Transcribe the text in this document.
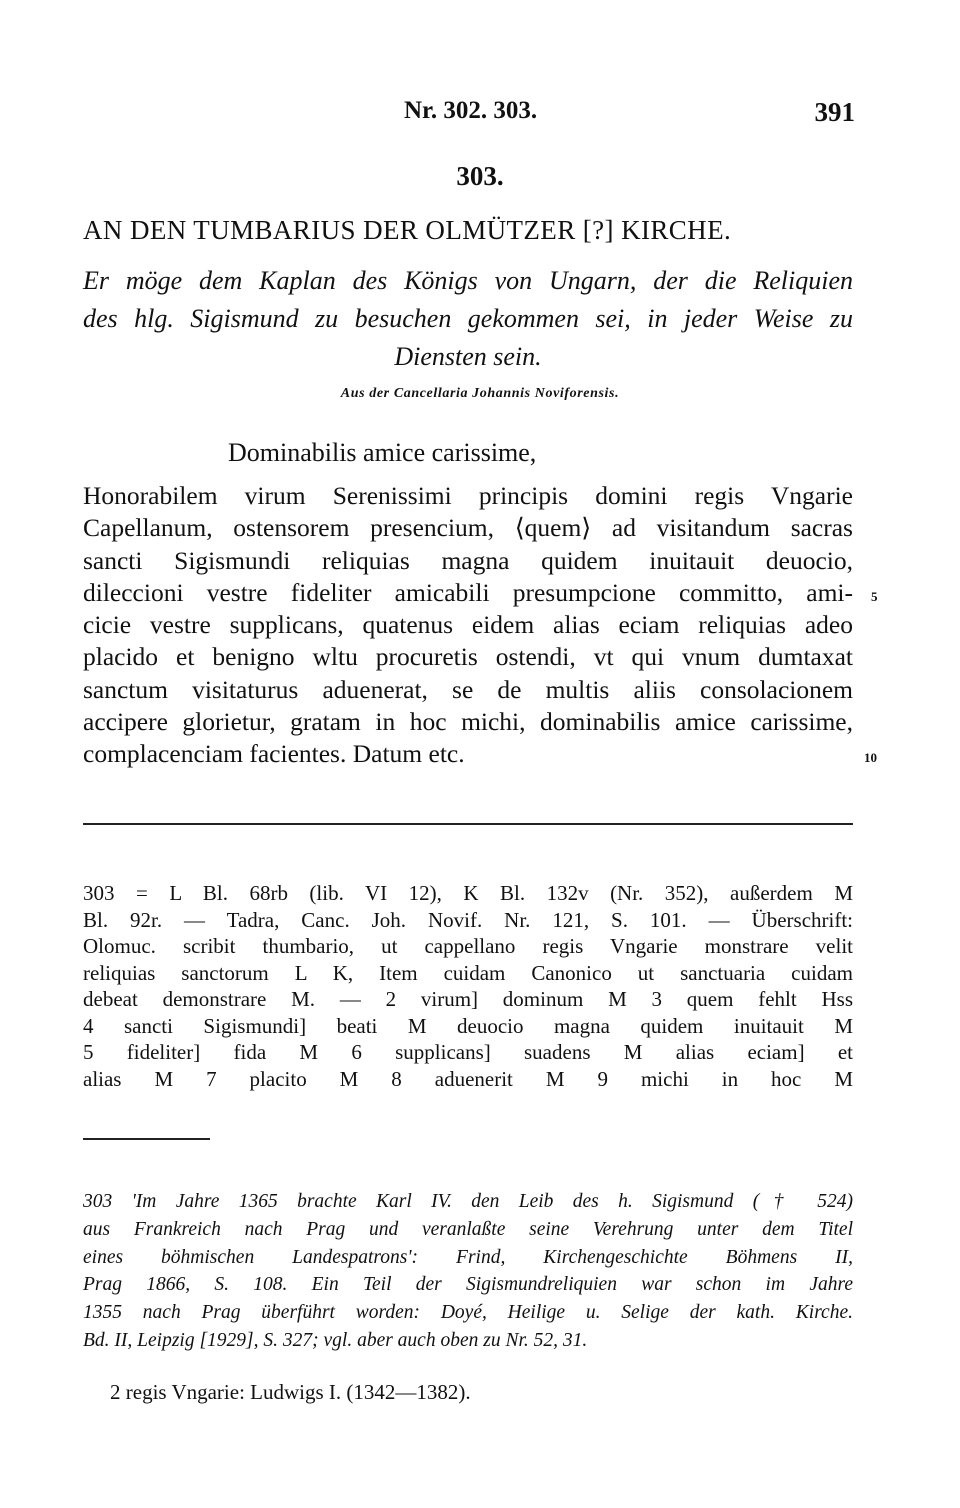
Nr. 302. 303.	391
303.
AN DEN TUMBARIUS DER OLMÜTZER [?] KIRCHE.
Er möge dem Kaplan des Königs von Ungarn, der die Reliquien
des hlg. Sigismund zu besuchen gekommen sei, in jeder Weise zu
Diensten sein.
Aus der Cancellaria Johannis Noviforensis.
Dominabilis amice carissime,
Honorabilem virum Serenissimi principis domini regis Vngarie
Capellanum, ostensorem presencium, ⟨quem⟩ ad visitandum sacras
sancti Sigismundi reliquias magna quidem inuitauit deuocio,
dileccioni vestre fideliter amicabili presumpcione committo, ami-
cicie vestre supplicans, quatenus eidem alias eciam reliquias adeo
placido et benigno wltu procuretis ostendi, vt qui vnum dumtaxat
sanctum visitaturus aduenerat, se de multis aliis consolacionem
accipere glorietur, gratam in hoc michi, dominabilis amice carissime,
complacenciam facientes. Datum etc.
5
10
303 = L Bl. 68rb (lib. VI 12), K Bl. 132v (Nr. 352), außerdem M
Bl. 92r. — Tadra, Canc. Joh. Novif. Nr. 121, S. 101. — Überschrift:
Olomuc. scribit thumbario, ut cappellano regis Vngarie monstrare velit
reliquias sanctorum L K, Item cuidam Canonico ut sanctuaria cuidam
debeat demonstrare M. — 2 virum] dominum M 3 quem fehlt Hss
4 sancti Sigismundi] beati M deuocio magna quidem inuitauit M
5 fideliter] fida M 6 supplicans] suadens M alias eciam] et
alias M 7 placito M 8 aduenerit M 9 michi in hoc M
303 'Im Jahre 1365 brachte Karl IV. den Leib des h. Sigismund († 524)
aus Frankreich nach Prag und veranlaßte seine Verehrung unter dem Titel
eines böhmischen Landespatrons': Frind, Kirchengeschichte Böhmens II,
Prag 1866, S. 108. Ein Teil der Sigismundreliquien war schon im Jahre
1355 nach Prag überführt worden: Doyé, Heilige u. Selige der kath. Kirche.
Bd. II, Leipzig [1929], S. 327; vgl. aber auch oben zu Nr. 52, 31.
2 regis Vngarie: Ludwigs I. (1342—1382).
